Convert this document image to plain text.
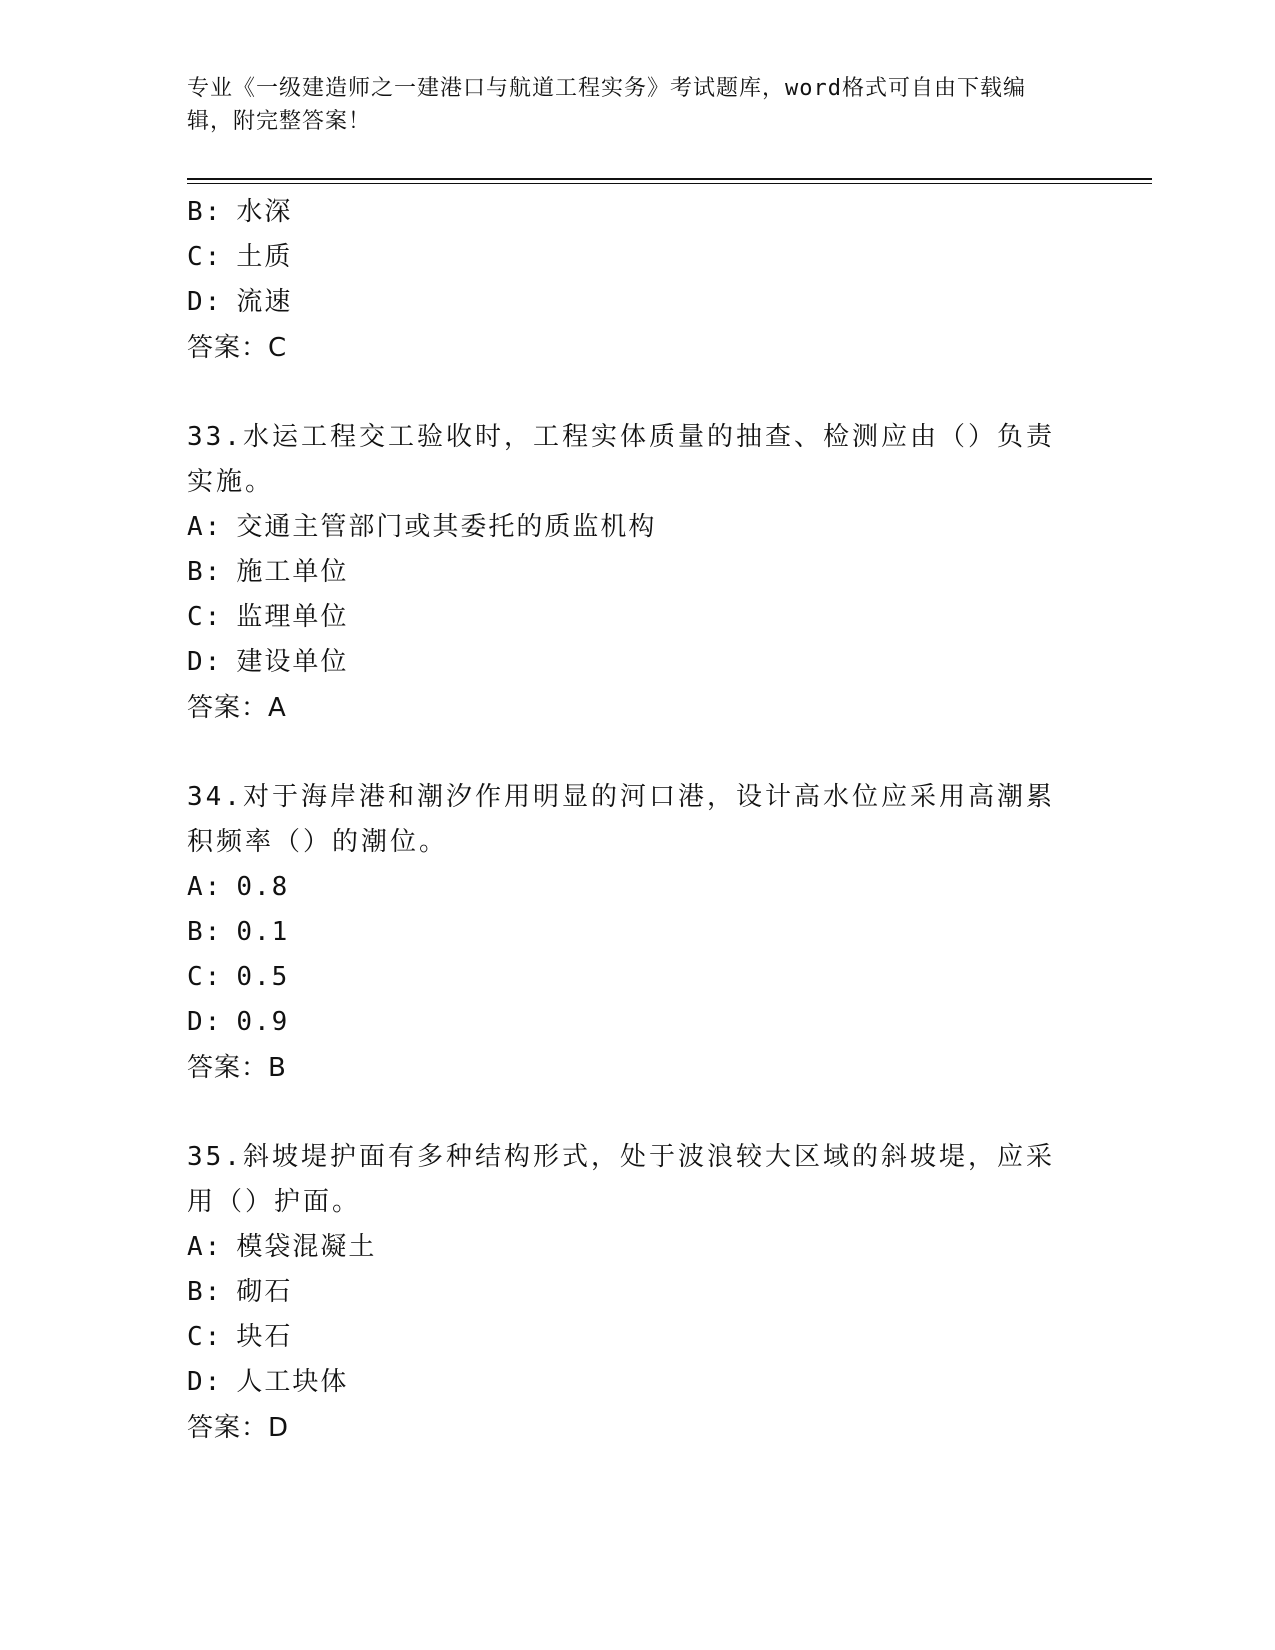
专业《一级建造师之一建港口与航道工程实务》考试题库，word格式可自由下载编辑，附完整答案！
B: 水深
C: 土质
D: 流速
答案：C
33.水运工程交工验收时，工程实体质量的抽查、检测应由（）负责实施。
A: 交通主管部门或其委托的质监机构
B: 施工单位
C: 监理单位
D: 建设单位
答案：A
34.对于海岸港和潮汐作用明显的河口港，设计高水位应采用高潮累积频率（）的潮位。
A: 0.8
B: 0.1
C: 0.5
D: 0.9
答案：B
35.斜坡堤护面有多种结构形式，处于波浪较大区域的斜坡堤，应采用（）护面。
A: 模袋混凝土
B: 砌石
C: 块石
D: 人工块体
答案：D
